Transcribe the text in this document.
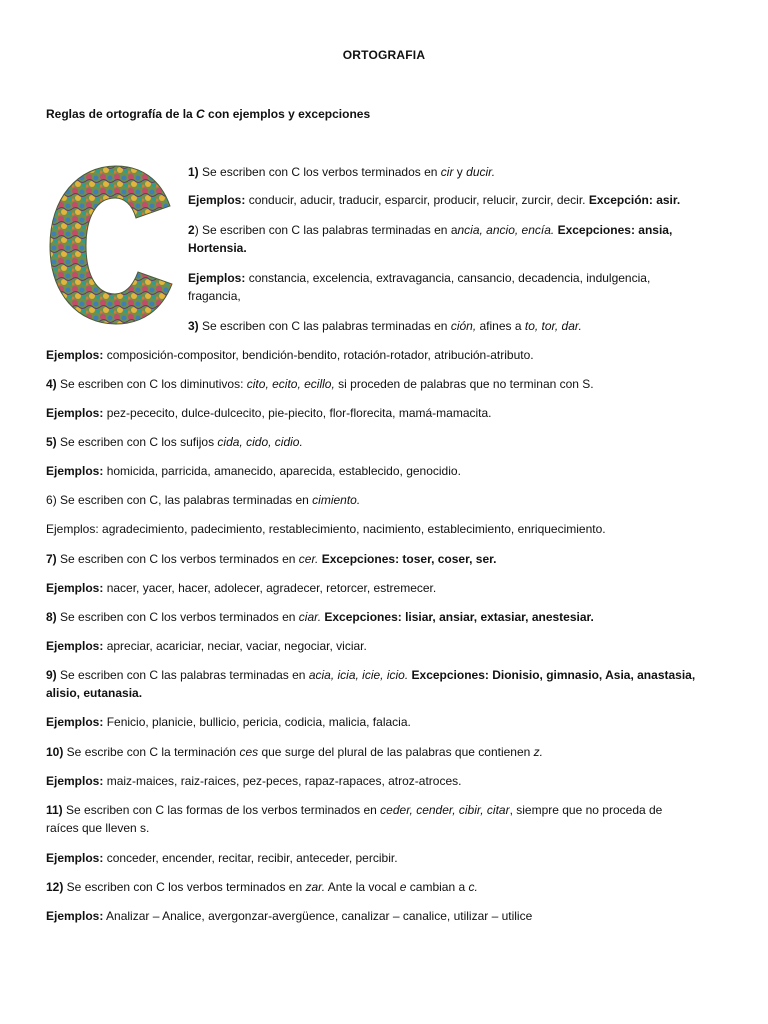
ORTOGRAFIA
Reglas de ortografía de la C con ejemplos y excepciones

1) Se escriben con C los verbos terminados en cir y ducir.

Ejemplos: conducir, aducir, traducir, esparcir, producir, relucir, zurcir, decir. Excepción: asir.

2) Se escriben con C las palabras terminadas en ancia, ancio, encía. Excepciones: ansia,
Hortensia.

Ejemplos: constancia, excelencia, extravagancia, cansancio, decadencia, indulgencia,
fragancia,

3) Se escriben con C las palabras terminadas en ción, afines a to, tor, dar.

Ejemplos: composición-compositor, bendición-bendito, rotación-rotador, atribución-atributo.

4) Se escriben con C los diminutivos: cito, ecito, ecillo, si proceden de palabras que no terminan con S.

Ejemplos: pez-pececito, dulce-dulcecito, pie-piecito, flor-florecita, mamá-mamacita.

5) Se escriben con C los sufijos cida, cido, cidio.

Ejemplos: homicida, parricida, amanecido, aparecida, establecido, genocidio.

6) Se escriben con C, las palabras terminadas en cimiento.

Ejemplos: agradecimiento, padecimiento, restablecimiento, nacimiento, establecimiento, enriquecimiento.

7) Se escriben con C los verbos terminados en cer. Excepciones: toser, coser, ser.

Ejemplos: nacer, yacer, hacer, adolecer, agradecer, retorcer, estremecer.

8) Se escriben con C los verbos terminados en ciar. Excepciones: lisiar, ansiar, extasiar, anestesiar.

Ejemplos: apreciar, acariciar, neciar, vaciar, negociar, viciar.

9) Se escriben con C las palabras terminadas en acia, icia, icie, icio. Excepciones: Dionisio, gimnasio, Asia, anastasia,
alisio, eutanasia.

Ejemplos: Fenicio, planicie, bullicio, pericia, codicia, malicia, falacia.

10) Se escribe con C la terminación ces que surge del plural de las palabras que contienen z.

Ejemplos: maiz-maices, raiz-raices, pez-peces, rapaz-rapaces, atroz-atroces.

11) Se escriben con C las formas de los verbos terminados en ceder, cender, cibir, citar, siempre que no proceda de
raíces que lleven s.

Ejemplos: conceder, encender, recitar, recibir, anteceder, percibir.

12) Se escriben con C los verbos terminados en zar. Ante la vocal e cambian a c.

Ejemplos: Analizar – Analice, avergonzar-avergüence, canalizar – canalice, utilizar – utilice
